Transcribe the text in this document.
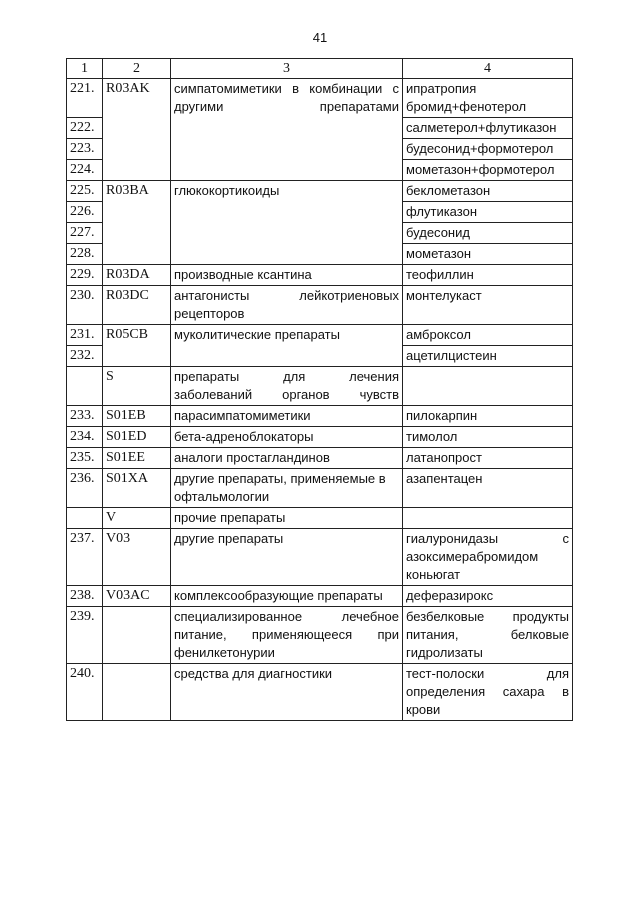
41
1	2	3	4
221.	R03AK	симпатомиметики в комбинации с другими препаратами	ипратропия бромид+фенотерол
222.			салметерол+флутиказон
223.			будесонид+формотерол
224.			мометазон+формотерол
225.	R03BA	глюкокортикоиды	беклометазон
226.			флутиказон
227.			будесонид
228.			мометазон
229.	R03DA	производные ксантина	теофиллин
230.	R03DC	антагонисты лейкотриеновых рецепторов	монтелукаст
231.	R05CB	муколитические препараты	амброксол
232.			ацетилцистеин
	S	препараты для лечения заболеваний органов чувств	
233.	S01EB	парасимпатомиметики	пилокарпин
234.	S01ED	бета-адреноблокаторы	тимолол
235.	S01EE	аналоги простагландинов	латанопрост
236.	S01XA	другие препараты, применяемые в офтальмологии	азапентацен
	V	прочие препараты	
237.	V03	другие препараты	гиалуронидазы с азоксимерабромидом коньюгат
238.	V03AC	комплексообразующие препараты	деферазирокс
239.		специализированное лечебное питание, применяющееся при фенилкетонурии	безбелковые продукты питания, белковые гидролизаты
240.		средства для диагностики	тест-полоски для определения сахара в крови
